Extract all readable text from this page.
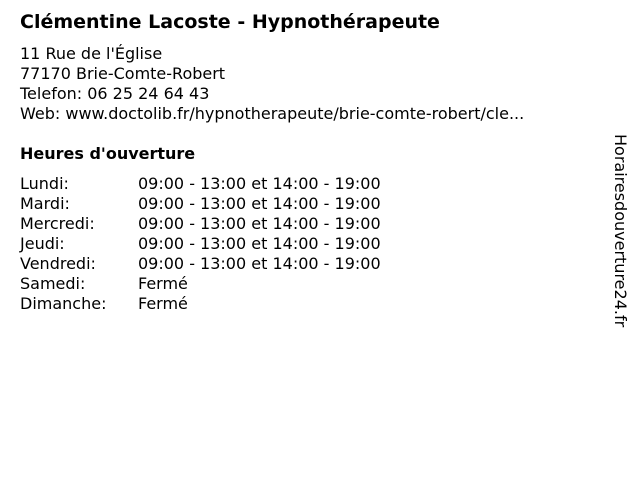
Clémentine Lacoste - Hypnothérapeute
11 Rue de l'Église
77170 Brie-Comte-Robert
Telefon: 06 25 24 64 43
Web: www.doctolib.fr/hypnotherapeute/brie-comte-robert/cle...
Heures d'ouverture
Lundi:	09:00 - 13:00 et 14:00 - 19:00
Mardi:	09:00 - 13:00 et 14:00 - 19:00
Mercredi:	09:00 - 13:00 et 14:00 - 19:00
Jeudi:	09:00 - 13:00 et 14:00 - 19:00
Vendredi:	09:00 - 13:00 et 14:00 - 19:00
Samedi:	Fermé
Dimanche: Fermé	Horairesdouverture24.fr
